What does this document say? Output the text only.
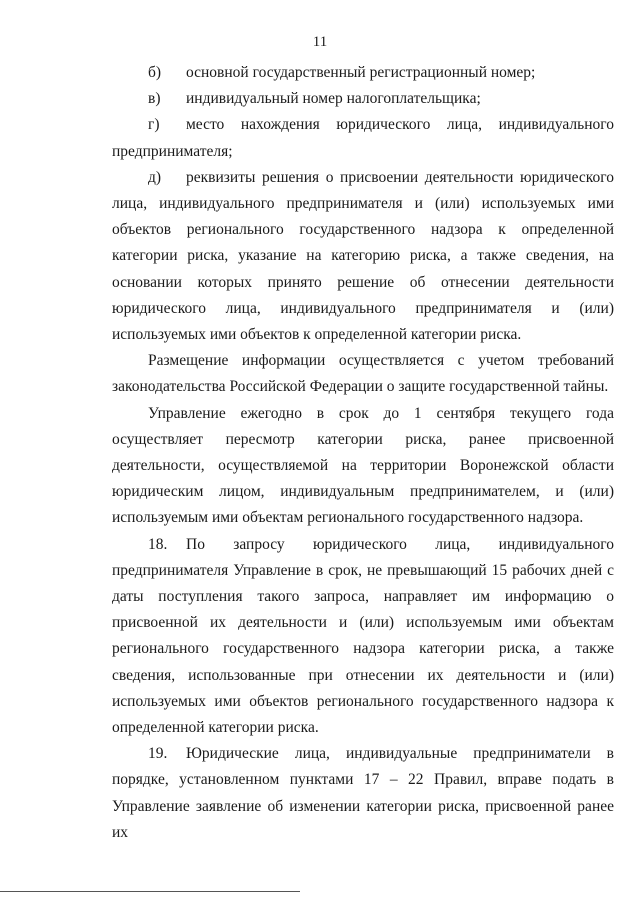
11

б) основной государственный регистрационный номер;

в) индивидуальный номер налогоплательщика;

г) место нахождения юридического лица, индивидуального предпринимателя;

д) реквизиты решения о присвоении деятельности юридического лица, индивидуального предпринимателя и (или) используемых ими объектов регионального государственного надзора к определенной категории риска, указание на категорию риска, а также сведения, на основании которых принято решение об отнесении деятельности юридического лица, индивидуального предпринимателя и (или) используемых ими объектов к определенной категории риска.

Размещение информации осуществляется с учетом требований законодательства Российской Федерации о защите государственной тайны.

Управление ежегодно в срок до 1 сентября текущего года осуществляет пересмотр категории риска, ранее присвоенной деятельности, осуществляемой на территории Воронежской области юридическим лицом, индивидуальным предпринимателем, и (или) используемым ими объектам регионального государственного надзора.

18. По запросу юридического лица, индивидуального предпринимателя Управление в срок, не превышающий 15 рабочих дней с даты поступления такого запроса, направляет им информацию о присвоенной их деятельности и (или) используемым ими объектам регионального государственного надзора категории риска, а также сведения, использованные при отнесении их деятельности и (или) используемых ими объектов регионального государственного надзора к определенной категории риска.

19. Юридические лица, индивидуальные предприниматели в порядке, установленном пунктами 17 – 22 Правил, вправе подать в Управление заявление об изменении категории риска, присвоенной ранее их
